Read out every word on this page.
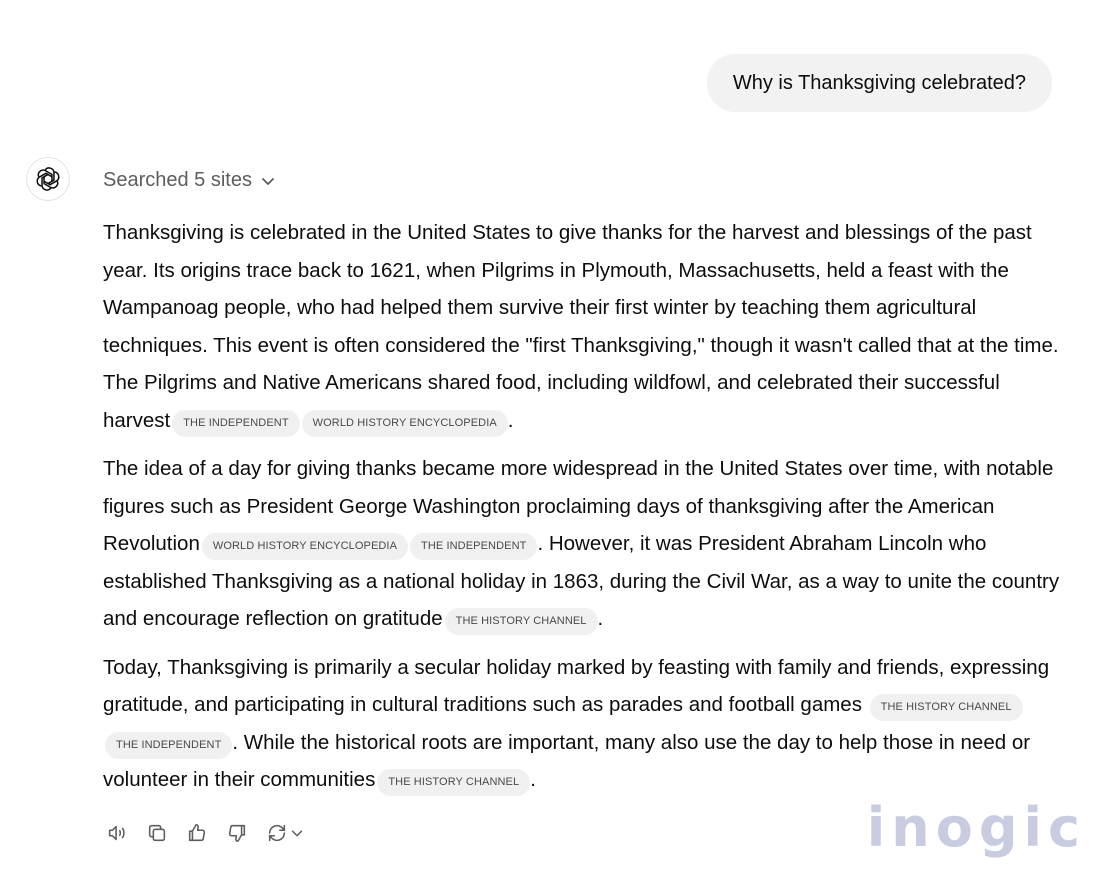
Why is Thanksgiving celebrated?
Searched 5 sites

Thanksgiving is celebrated in the United States to give thanks for the harvest and blessings of the past year. Its origins trace back to 1621, when Pilgrims in Plymouth, Massachusetts, held a feast with the Wampanoag people, who had helped them survive their first winter by teaching them agricultural techniques. This event is often considered the "first Thanksgiving," though it wasn't called that at the time. The Pilgrims and Native Americans shared food, including wildfowl, and celebrated their successful harvest THE INDEPENDENT WORLD HISTORY ENCYCLOPEDIA .

The idea of a day for giving thanks became more widespread in the United States over time, with notable figures such as President George Washington proclaiming days of thanksgiving after the American Revolution WORLD HISTORY ENCYCLOPEDIA THE INDEPENDENT . However, it was President Abraham Lincoln who established Thanksgiving as a national holiday in 1863, during the Civil War, as a way to unite the country and encourage reflection on gratitude THE HISTORY CHANNEL .

Today, Thanksgiving is primarily a secular holiday marked by feasting with family and friends, expressing gratitude, and participating in cultural traditions such as parades and football games THE HISTORY CHANNELTHE INDEPENDENT . While the historical roots are important, many also use the day to help those in need or volunteer in their communities THE HISTORY CHANNEL .

inogic
